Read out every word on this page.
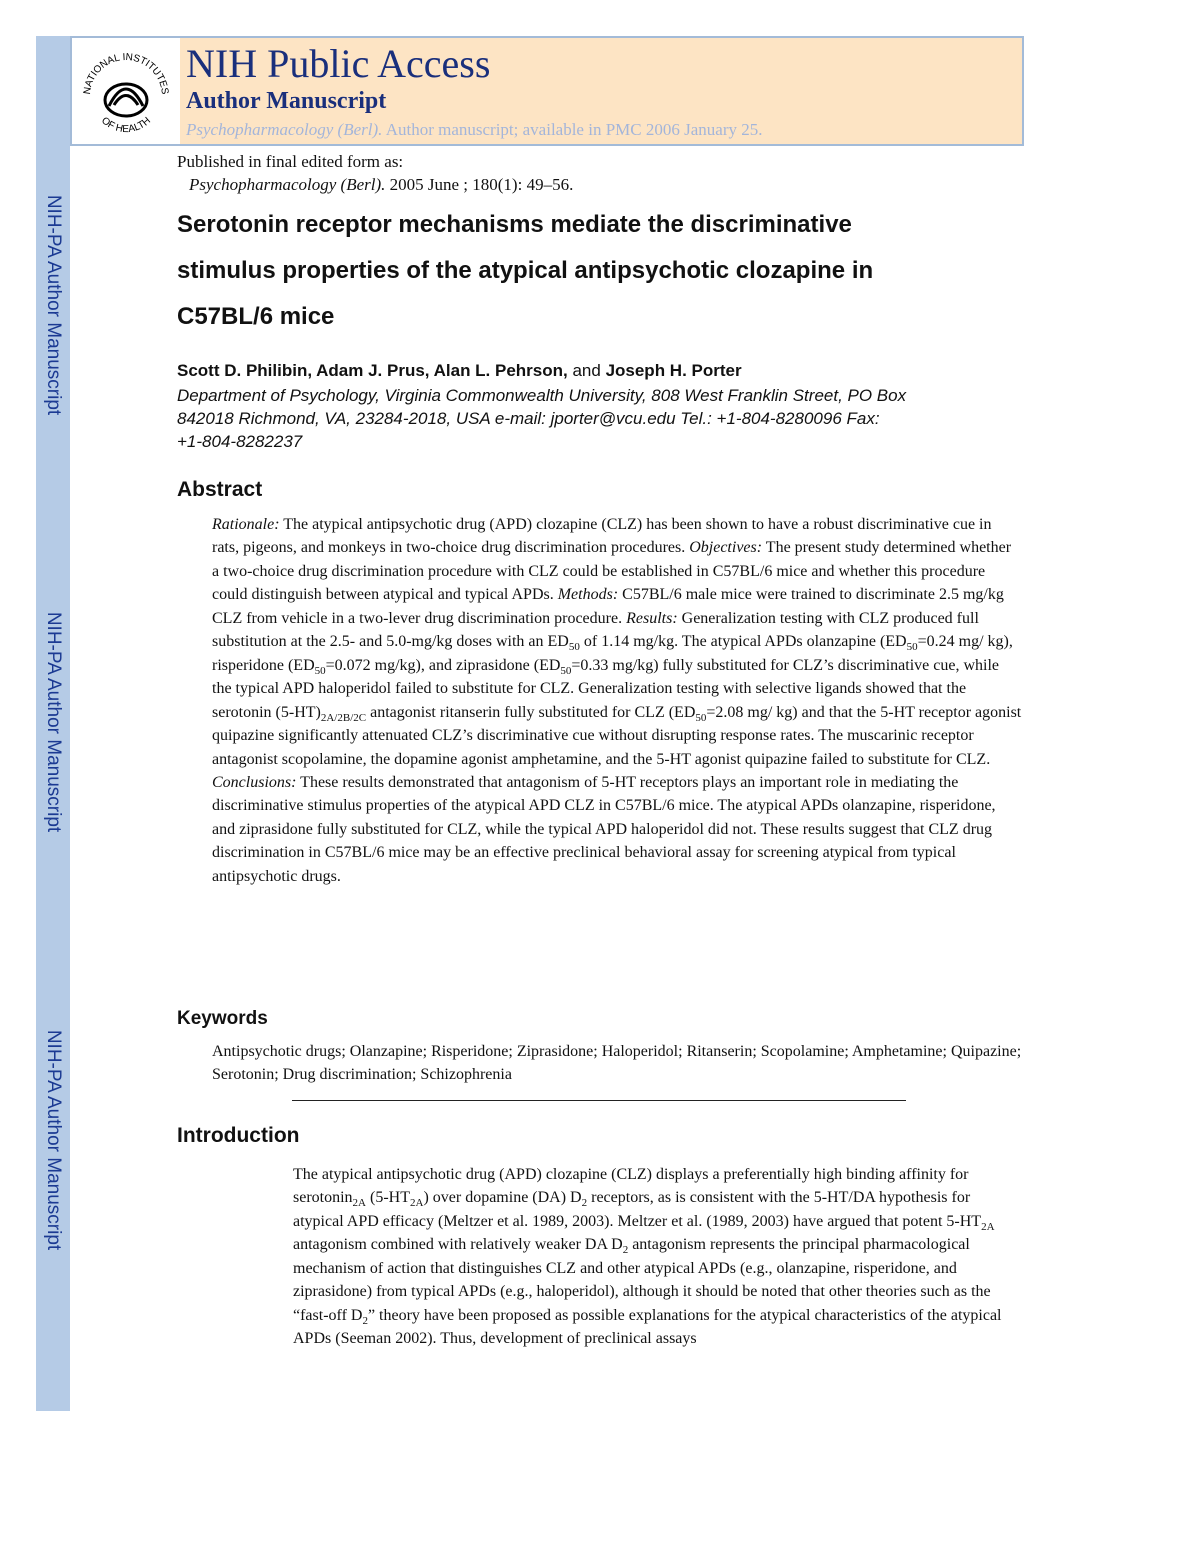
NIH-PA Author Manuscript
NIH-PA Author Manuscript
NIH-PA Author Manuscript
NATIONAL INSTITUTES
OF HEALTH
NIH Public Access
Author Manuscript
Psychopharmacology (Berl). Author manuscript; available in PMC 2006 January 25.
Published in final edited form as:
Psychopharmacology (Berl). 2005 June ; 180(1): 49–56.
Serotonin receptor mechanisms mediate the discriminative
stimulus properties of the atypical antipsychotic clozapine in
C57BL/6 mice
Scott D. Philibin, Adam J. Prus, Alan L. Pehrson, and Joseph H. Porter
Department of Psychology, Virginia Commonwealth University, 808 West Franklin Street, PO Box
842018 Richmond, VA, 23284-2018, USA e-mail: jporter@vcu.edu Tel.: +1-804-8280096 Fax:
+1-804-8282237
Abstract
Rationale: The atypical antipsychotic drug (APD) clozapine (CLZ) has been shown to have a robust discriminative cue in rats, pigeons, and monkeys in two-choice drug discrimination procedures. Objectives: The present study determined whether a two-choice drug discrimination procedure with CLZ could be established in C57BL/6 mice and whether this procedure could distinguish between atypical and typical APDs. Methods: C57BL/6 male mice were trained to discriminate 2.5 mg/kg CLZ from vehicle in a two-lever drug discrimination procedure. Results: Generalization testing with CLZ produced full substitution at the 2.5- and 5.0-mg/kg doses with an $ED_{50}$ of 1.14 mg/kg. The atypical APDs olanzapine ($ED_{50}=0.24$ mg/ kg), risperidone ($ED_{50}=0.072$ mg/kg), and ziprasidone ($ED_{50}=0.33$ mg/kg) fully substituted for CLZ’s discriminative cue, while the typical APD haloperidol failed to substitute for CLZ. Generalization testing with selective ligands showed that the serotonin $(5-HT)_{2A/2B/2C}$ antagonist ritanserin fully substituted for CLZ ($ED_{50}=2.08$ mg/ kg) and that the 5-HT receptor agonist quipazine significantly attenuated CLZ’s discriminative cue without disrupting response rates. The muscarinic receptor antagonist scopolamine, the dopamine agonist amphetamine, and the 5-HT agonist quipazine failed to substitute for CLZ. Conclusions: These results demonstrated that antagonism of 5-HT receptors plays an important role in mediating the discriminative stimulus properties of the atypical APD CLZ in C57BL/6 mice. The atypical APDs olanzapine, risperidone, and ziprasidone fully substituted for CLZ, while the typical APD haloperidol did not. These results suggest that CLZ drug discrimination in C57BL/6 mice may be an effective preclinical behavioral assay for screening atypical from typical antipsychotic drugs.
Keywords
Antipsychotic drugs; Olanzapine; Risperidone; Ziprasidone; Haloperidol; Ritanserin; Scopolamine; Amphetamine; Quipazine; Serotonin; Drug discrimination; Schizophrenia
Introduction
The atypical antipsychotic drug (APD) clozapine (CLZ) displays a preferentially high binding affinity for serotonin$_{2A}$ $(5-HT_{2A})$ over dopamine (DA) $D_2$ receptors, as is consistent with the 5-HT/DA hypothesis for atypical APD efficacy (Meltzer et al. 1989, 2003). Meltzer et al. (1989, 2003) have argued that potent $5-HT_{2A}$ antagonism combined with relatively weaker DA $D_2$ antagonism represents the principal pharmacological mechanism of action that distinguishes CLZ and other atypical APDs (e.g., olanzapine, risperidone, and ziprasidone) from typical APDs (e.g., haloperidol), although it should be noted that other theories such as the “fast-off $D_2$” theory have been proposed as possible explanations for the atypical characteristics of the atypical APDs (Seeman 2002). Thus, development of preclinical assays
